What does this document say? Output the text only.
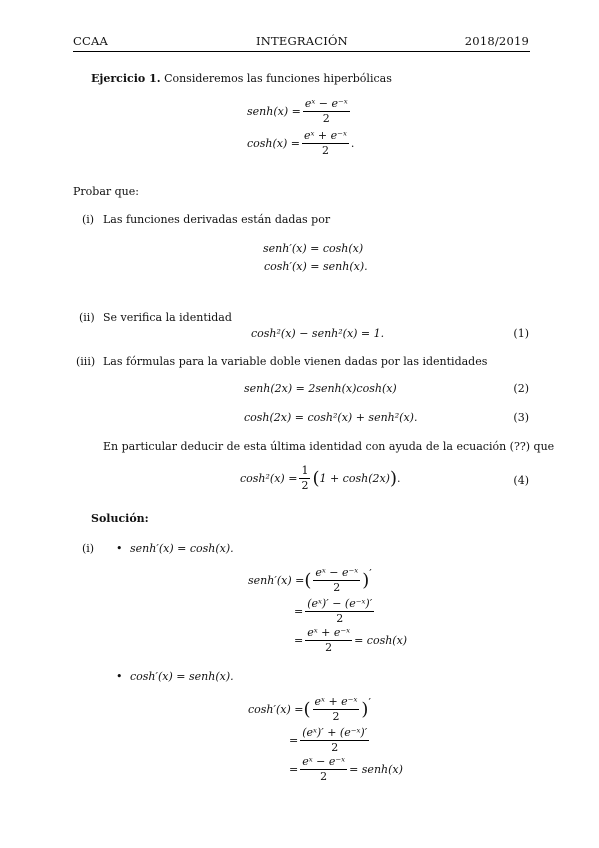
CCAA	INTEGRACIÓN	2018/2019
Ejercicio 1. Consideremos las funciones hiperbólicas
senh(x) = $\frac{\text{eˣ − e⁻ˣ}}{2}$
$\cosh(x) = \frac{\text{eˣ + e⁻ˣ}}{2}$ .
Probar que:
(i) Las funciones derivadas están dadas por
senh′(x) = cosh(x)
cosh′(x) = senh(x).
(ii) Se verifica la identidad
cosh²(x) − senh²(x) = 1.	(1)
(iii) Las fórmulas para la variable doble vienen dadas por las identidades
senh(2x) = 2senh(x)cosh(x)	(2)
cosh(2x) = cosh²(x) + senh²(x).	(3)
En particular deducir de esta última identidad con ayuda de la ecuación (??) que
$\cosh^2(x) = \frac{1}{2}$ ( 1 + cosh(2x) ) .	(4)
Solución:
(i) • senh′(x) = cosh(x).
senh′(x) = ( $\frac{\text{eˣ − e⁻ˣ}}{2}$ ) ′
= $\frac{\text{(eˣ)′ − (e⁻ˣ)′}}{2}$
= $\frac{\text{eˣ + e⁻ˣ}}{2} = \cosh(x)$
• cosh′(x) = senh(x).
cosh′(x) = ( $\frac{\text{eˣ + e⁻ˣ}}{2}$ ) ′
= $\frac{\text{(eˣ)′ + (e⁻ˣ)′}}{2}$
= $\frac{\text{eˣ − e⁻ˣ}}{2}$ = senh(x)
